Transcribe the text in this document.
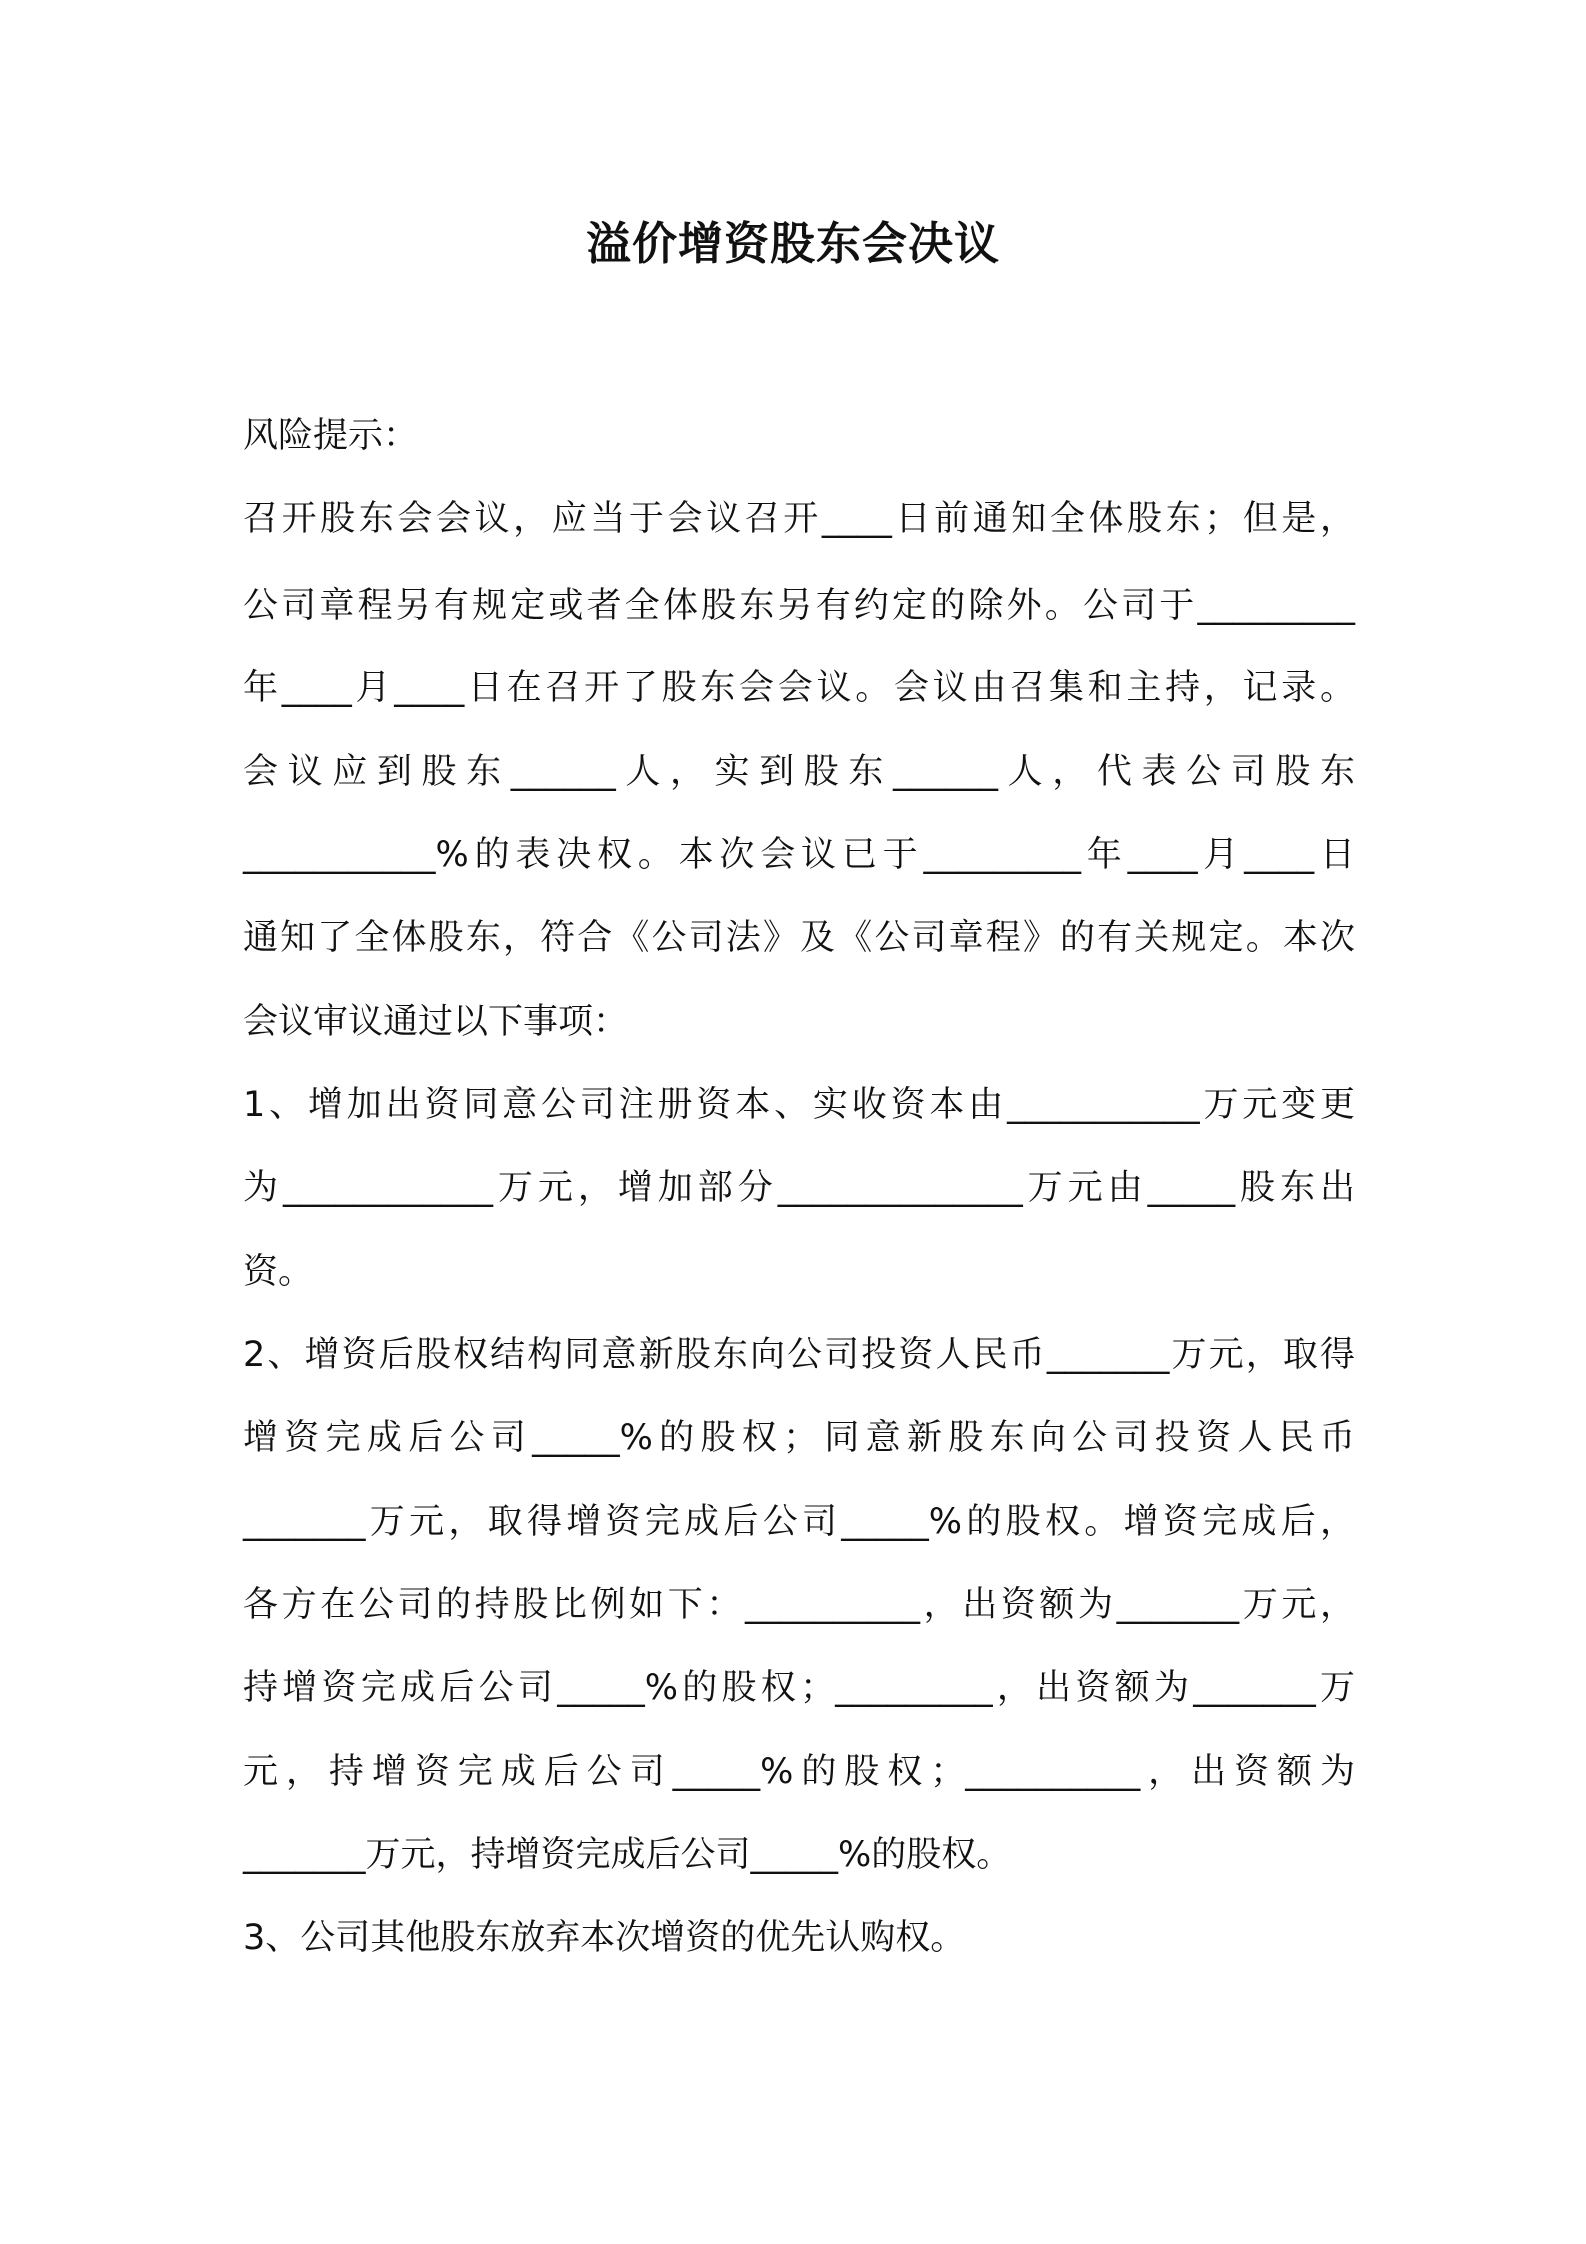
溢价增资股东会决议
风险提示：
召开股东会会议，应当于会议召开____日前通知全体股东；但是，
公司章程另有规定或者全体股东另有约定的除外。公司于_________
年____月____日在召开了股东会会议。会议由召集和主持，记录。
会议应到股东______人，实到股东______人，代表公司股东
___________%的表决权。本次会议已于_________年____月____日
通知了全体股东，符合《公司法》及《公司章程》的有关规定。本次
会议审议通过以下事项：
1、增加出资同意公司注册资本、实收资本由___________万元变更
为____________万元，增加部分______________万元由_____股东出
资。
2、增资后股权结构同意新股东向公司投资人民币_______万元，取得
增资完成后公司_____%的股权；同意新股东向公司投资人民币
_______万元，取得增资完成后公司_____%的股权。增资完成后，
各方在公司的持股比例如下：__________，出资额为_______万元，
持增资完成后公司_____%的股权；_________，出资额为_______万
元，持增资完成后公司_____%的股权；__________，出资额为
_______万元，持增资完成后公司_____%的股权。
3、公司其他股东放弃本次增资的优先认购权。
